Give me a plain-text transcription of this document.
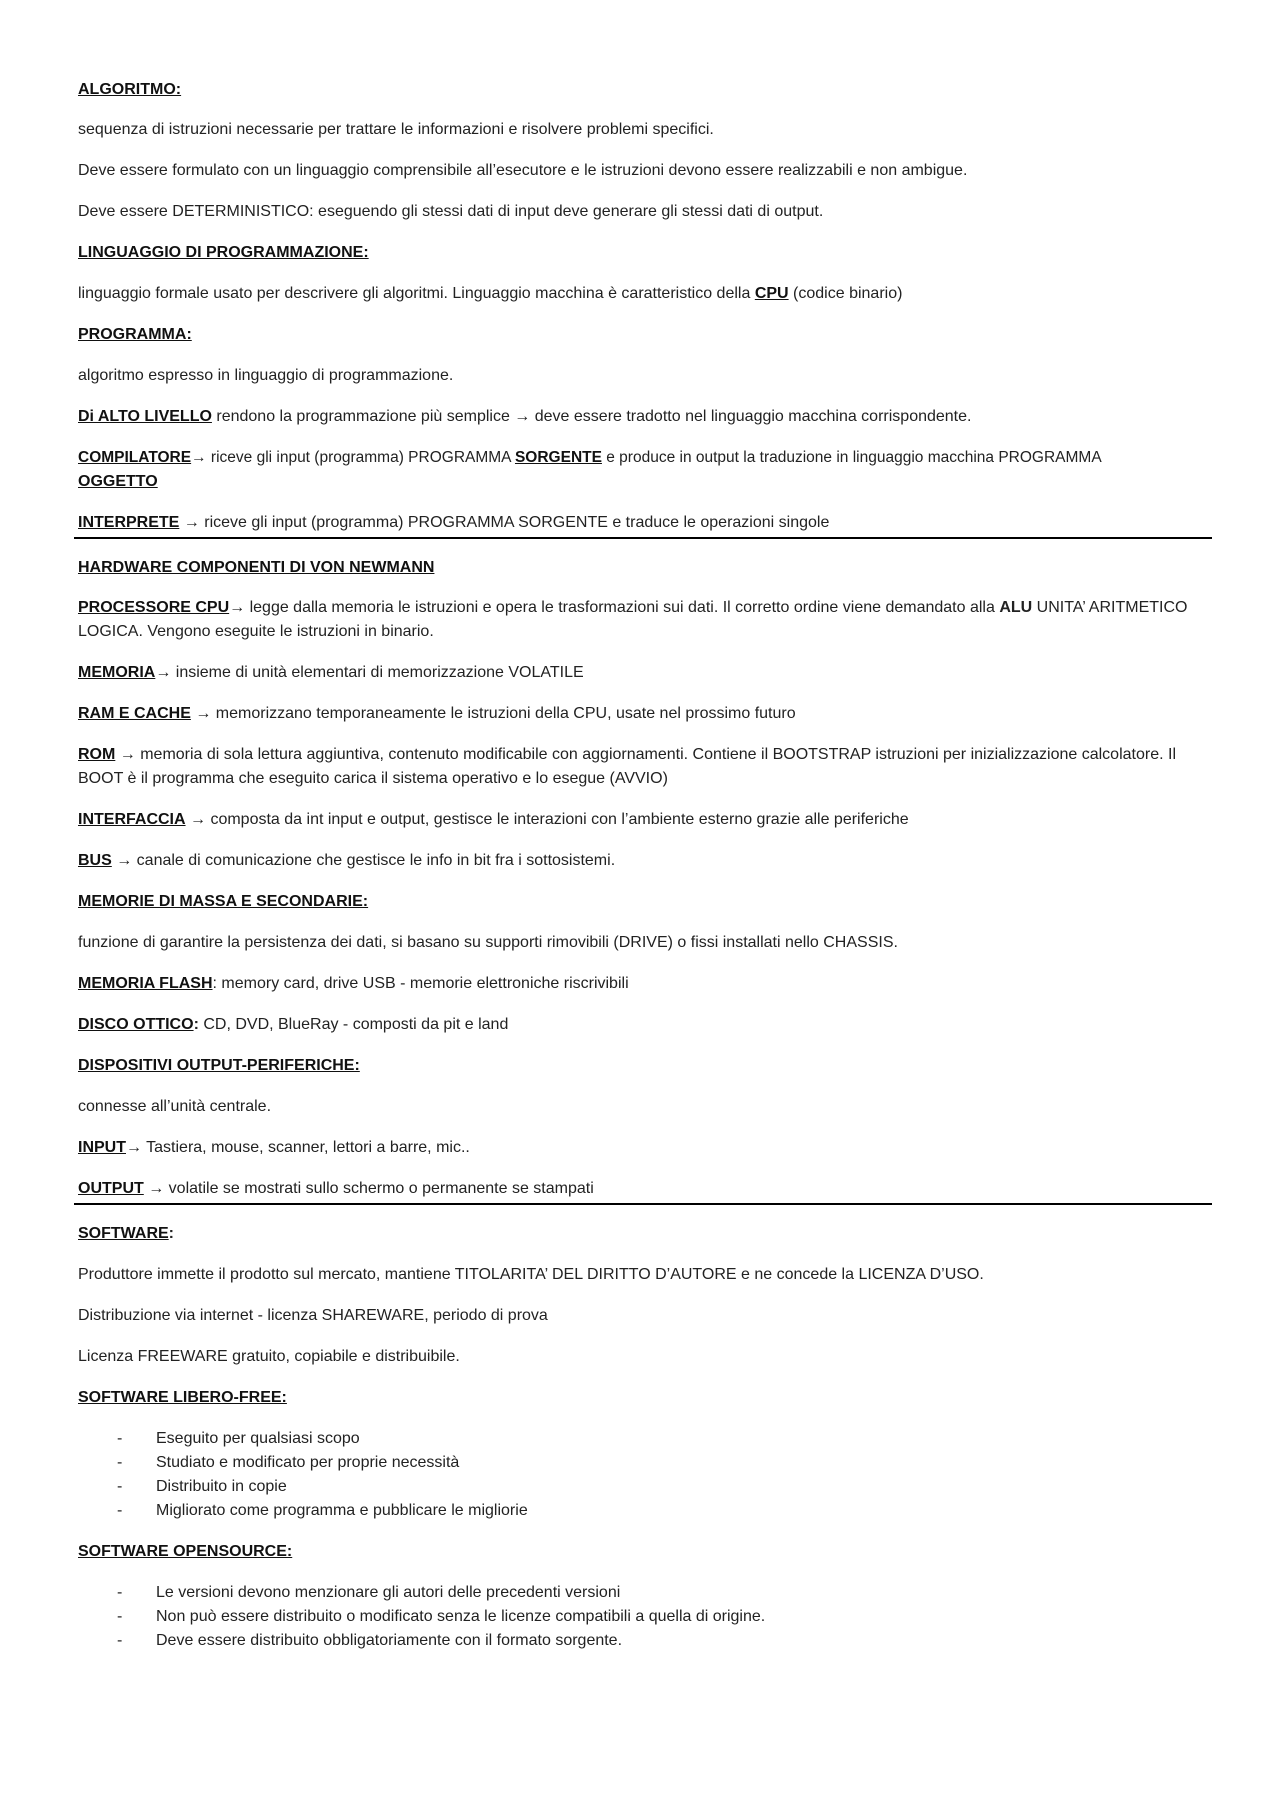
ALGORITMO:
sequenza di istruzioni necessarie per trattare le informazioni e risolvere problemi specifici.
Deve essere formulato con un linguaggio comprensibile all’esecutore e le istruzioni devono essere realizzabili e non ambigue.
Deve essere DETERMINISTICO: eseguendo gli stessi dati di input deve generare gli stessi dati di output.
LINGUAGGIO DI PROGRAMMAZIONE:
linguaggio formale usato per descrivere gli algoritmi. Linguaggio macchina è caratteristico della CPU (codice binario)
PROGRAMMA:
algoritmo espresso in linguaggio di programmazione.
Di ALTO LIVELLO rendono la programmazione più semplice → deve essere tradotto nel linguaggio macchina corrispondente.
COMPILATORE→ riceve gli input (programma) PROGRAMMA SORGENTE e produce in output la traduzione in linguaggio macchina PROGRAMMA
OGGETTO
INTERPRETE → riceve gli input (programma) PROGRAMMA SORGENTE e traduce le operazioni singole
HARDWARE COMPONENTI DI VON NEWMANN
PROCESSORE CPU→ legge dalla memoria le istruzioni e opera le trasformazioni sui dati. Il corretto ordine viene demandato alla ALU UNITA’ ARITMETICO LOGICA. Vengono eseguite le istruzioni in binario.
MEMORIA→ insieme di unità elementari di memorizzazione VOLATILE
RAM E CACHE → memorizzano temporaneamente le istruzioni della CPU, usate nel prossimo futuro
ROM → memoria di sola lettura aggiuntiva, contenuto modificabile con aggiornamenti. Contiene il BOOTSTRAP istruzioni per inizializzazione calcolatore. Il BOOT è il programma che eseguito carica il sistema operativo e lo esegue (AVVIO)
INTERFACCIA → composta da int input e output, gestisce le interazioni con l’ambiente esterno grazie alle periferiche
BUS → canale di comunicazione che gestisce le info in bit fra i sottosistemi.
MEMORIE DI MASSA E SECONDARIE:
funzione di garantire la persistenza dei dati, si basano su supporti rimovibili (DRIVE) o fissi installati nello CHASSIS.
MEMORIA FLASH: memory card, drive USB - memorie elettroniche riscrivibili
DISCO OTTICO: CD, DVD, BlueRay - composti da pit e land
DISPOSITIVI OUTPUT-PERIFERICHE:
connesse all’unità centrale.
INPUT→ Tastiera, mouse, scanner, lettori a barre, mic..
OUTPUT → volatile se mostrati sullo schermo o permanente se stampati
SOFTWARE:
Produttore immette il prodotto sul mercato, mantiene TITOLARITA’ DEL DIRITTO D’AUTORE e ne concede la LICENZA D’USO.
Distribuzione via internet - licenza SHAREWARE, periodo di prova
Licenza FREEWARE gratuito, copiabile e distribuibile.
SOFTWARE LIBERO-FREE:
- Eseguito per qualsiasi scopo
- Studiato e modificato per proprie necessità
- Distribuito in copie
- Migliorato come programma e pubblicare le migliorie
SOFTWARE OPENSOURCE:
- Le versioni devono menzionare gli autori delle precedenti versioni
- Non può essere distribuito o modificato senza le licenze compatibili a quella di origine.
- Deve essere distribuito obbligatoriamente con il formato sorgente.
